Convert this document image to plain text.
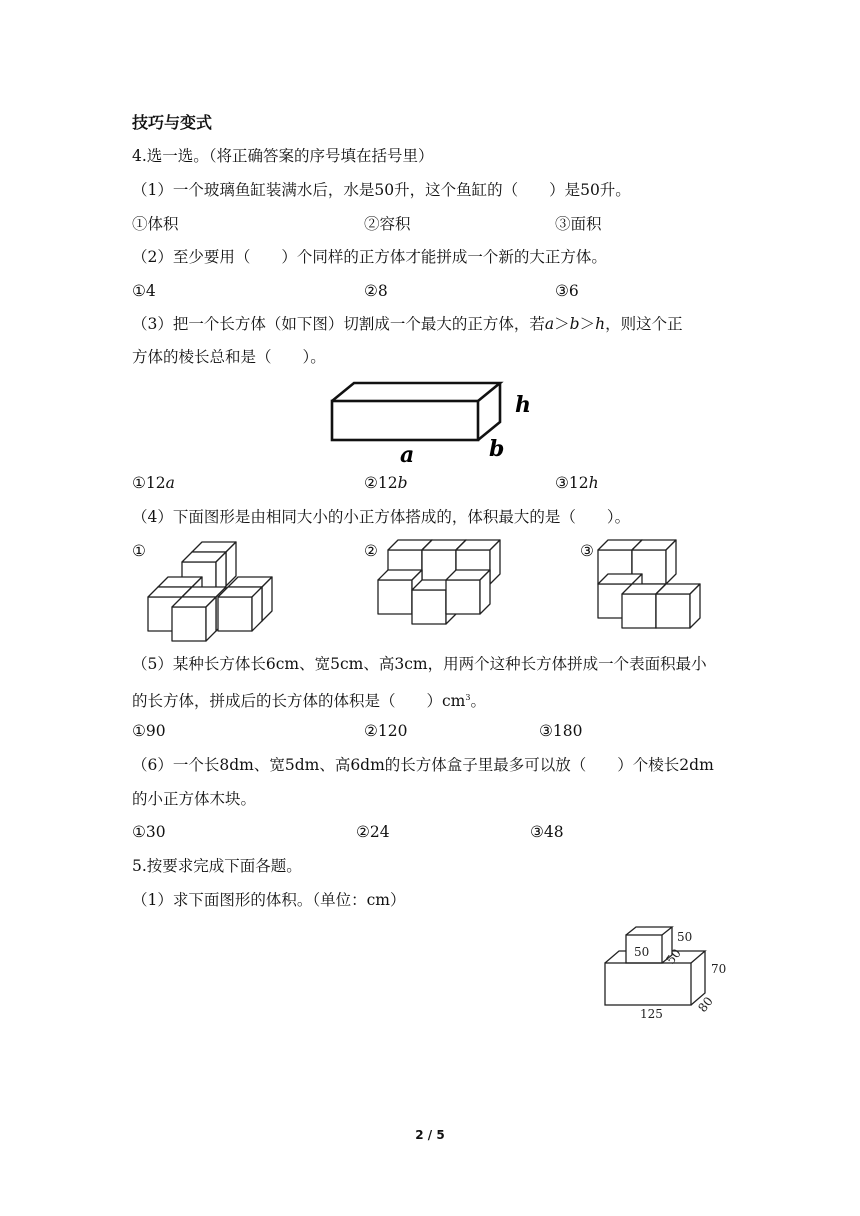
技巧与变式
4.选一选。（将正确答案的序号填在括号里）
（1）一个玻璃鱼缸装满水后，水是50升，这个鱼缸的（　　）是50升。
①体积	②容积	③面积
（2）至少要用（　　）个同样的正方体才能拼成一个新的大正方体。
①4	②8	③6
（3）把一个长方体（如下图）切割成一个最大的正方体，若a＞b＞h，则这个正
方体的棱长总和是（　　）。
h
b
a
①12a	②12b	③12h
（4）下面图形是由相同大小的小正方体搭成的，体积最大的是（　　）。
①	②	③
（5）某种长方体长6cm、宽5cm、高3cm，用两个这种长方体拼成一个表面积最小
的长方体，拼成后的长方体的体积是（　　）$cm^3$。
①90	②120	③180
（6）一个长8dm、宽5dm、高6dm的长方体盒子里最多可以放（　　）个棱长2dm
的小正方体木块。
①30	②24	③48
5.按要求完成下面各题。
（1）求下面图形的体积。（单位：cm）
50
50
50
70
125	80
2 / 5
